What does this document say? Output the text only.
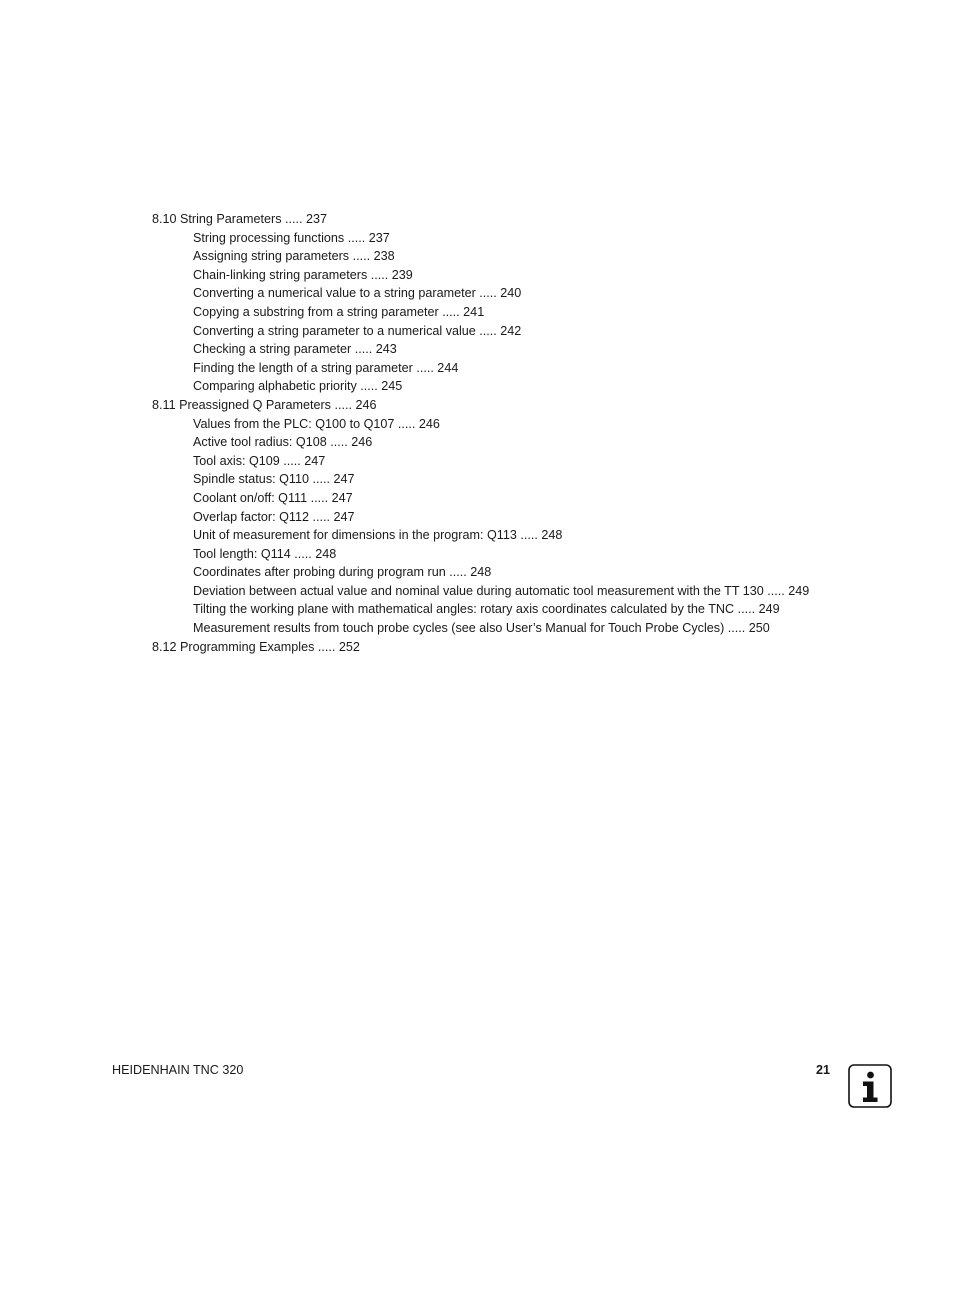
8.10 String Parameters ..... 237
String processing functions ..... 237
Assigning string parameters ..... 238
Chain-linking string parameters ..... 239
Converting a numerical value to a string parameter ..... 240
Copying a substring from a string parameter ..... 241
Converting a string parameter to a numerical value ..... 242
Checking a string parameter ..... 243
Finding the length of a string parameter ..... 244
Comparing alphabetic priority ..... 245
8.11 Preassigned Q Parameters ..... 246
Values from the PLC: Q100 to Q107 ..... 246
Active tool radius: Q108 ..... 246
Tool axis: Q109 ..... 247
Spindle status: Q110 ..... 247
Coolant on/off: Q111 ..... 247
Overlap factor: Q112 ..... 247
Unit of measurement for dimensions in the program: Q113 ..... 248
Tool length: Q114 ..... 248
Coordinates after probing during program run ..... 248
Deviation between actual value and nominal value during automatic tool measurement with the TT 130 ..... 249
Tilting the working plane with mathematical angles: rotary axis coordinates calculated by the TNC ..... 249
Measurement results from touch probe cycles (see also User’s Manual for Touch Probe Cycles) ..... 250
8.12 Programming Examples ..... 252
HEIDENHAIN TNC 320	21
